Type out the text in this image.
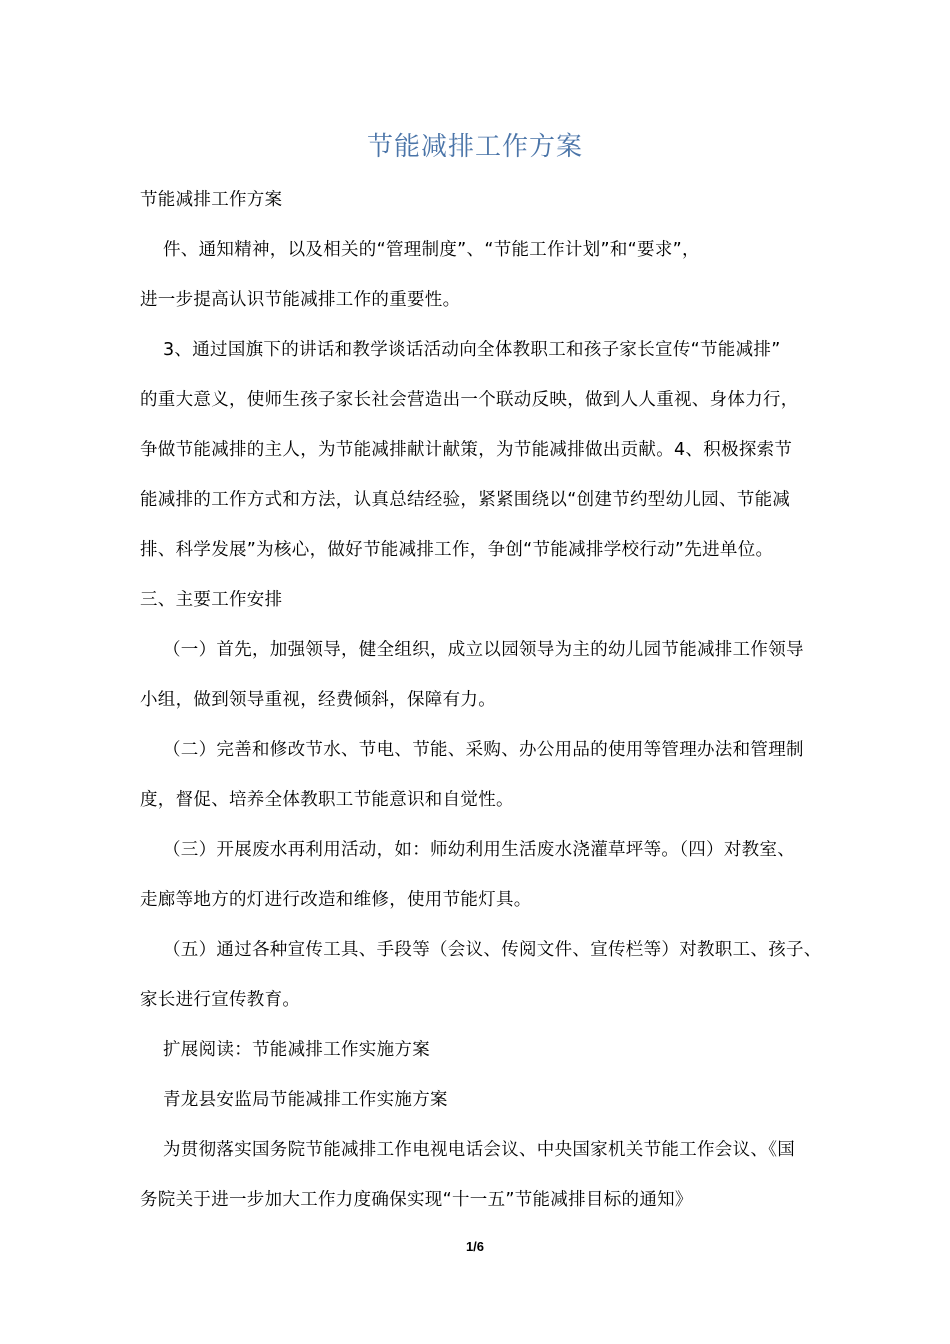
节能减排工作方案
节能减排工作方案
件、通知精神，以及相关的“管理制度”、“节能工作计划”和“要求”，
进一步提高认识节能减排工作的重要性。
3、通过国旗下的讲话和教学谈话活动向全体教职工和孩子家长宣传“节能减排”
的重大意义，使师生孩子家长社会营造出一个联动反映，做到人人重视、身体力行，
争做节能减排的主人，为节能减排献计献策，为节能减排做出贡献。4、积极探索节
能减排的工作方式和方法，认真总结经验，紧紧围绕以“创建节约型幼儿园、节能减
排、科学发展”为核心，做好节能减排工作，争创“节能减排学校行动”先进单位。
三、主要工作安排
（一）首先，加强领导，健全组织，成立以园领导为主的幼儿园节能减排工作领导
小组，做到领导重视，经费倾斜，保障有力。
（二）完善和修改节水、节电、节能、采购、办公用品的使用等管理办法和管理制
度，督促、培养全体教职工节能意识和自觉性。
（三）开展废水再利用活动，如：师幼利用生活废水浇灌草坪等。（四）对教室、
走廊等地方的灯进行改造和维修，使用节能灯具。
（五）通过各种宣传工具、手段等（会议、传阅文件、宣传栏等）对教职工、孩子、
家长进行宣传教育。
扩展阅读：节能减排工作实施方案
青龙县安监局节能减排工作实施方案
为贯彻落实国务院节能减排工作电视电话会议、中央国家机关节能工作会议、《国
务院关于进一步加大工作力度确保实现“十一五”节能减排目标的通知》
1/6
